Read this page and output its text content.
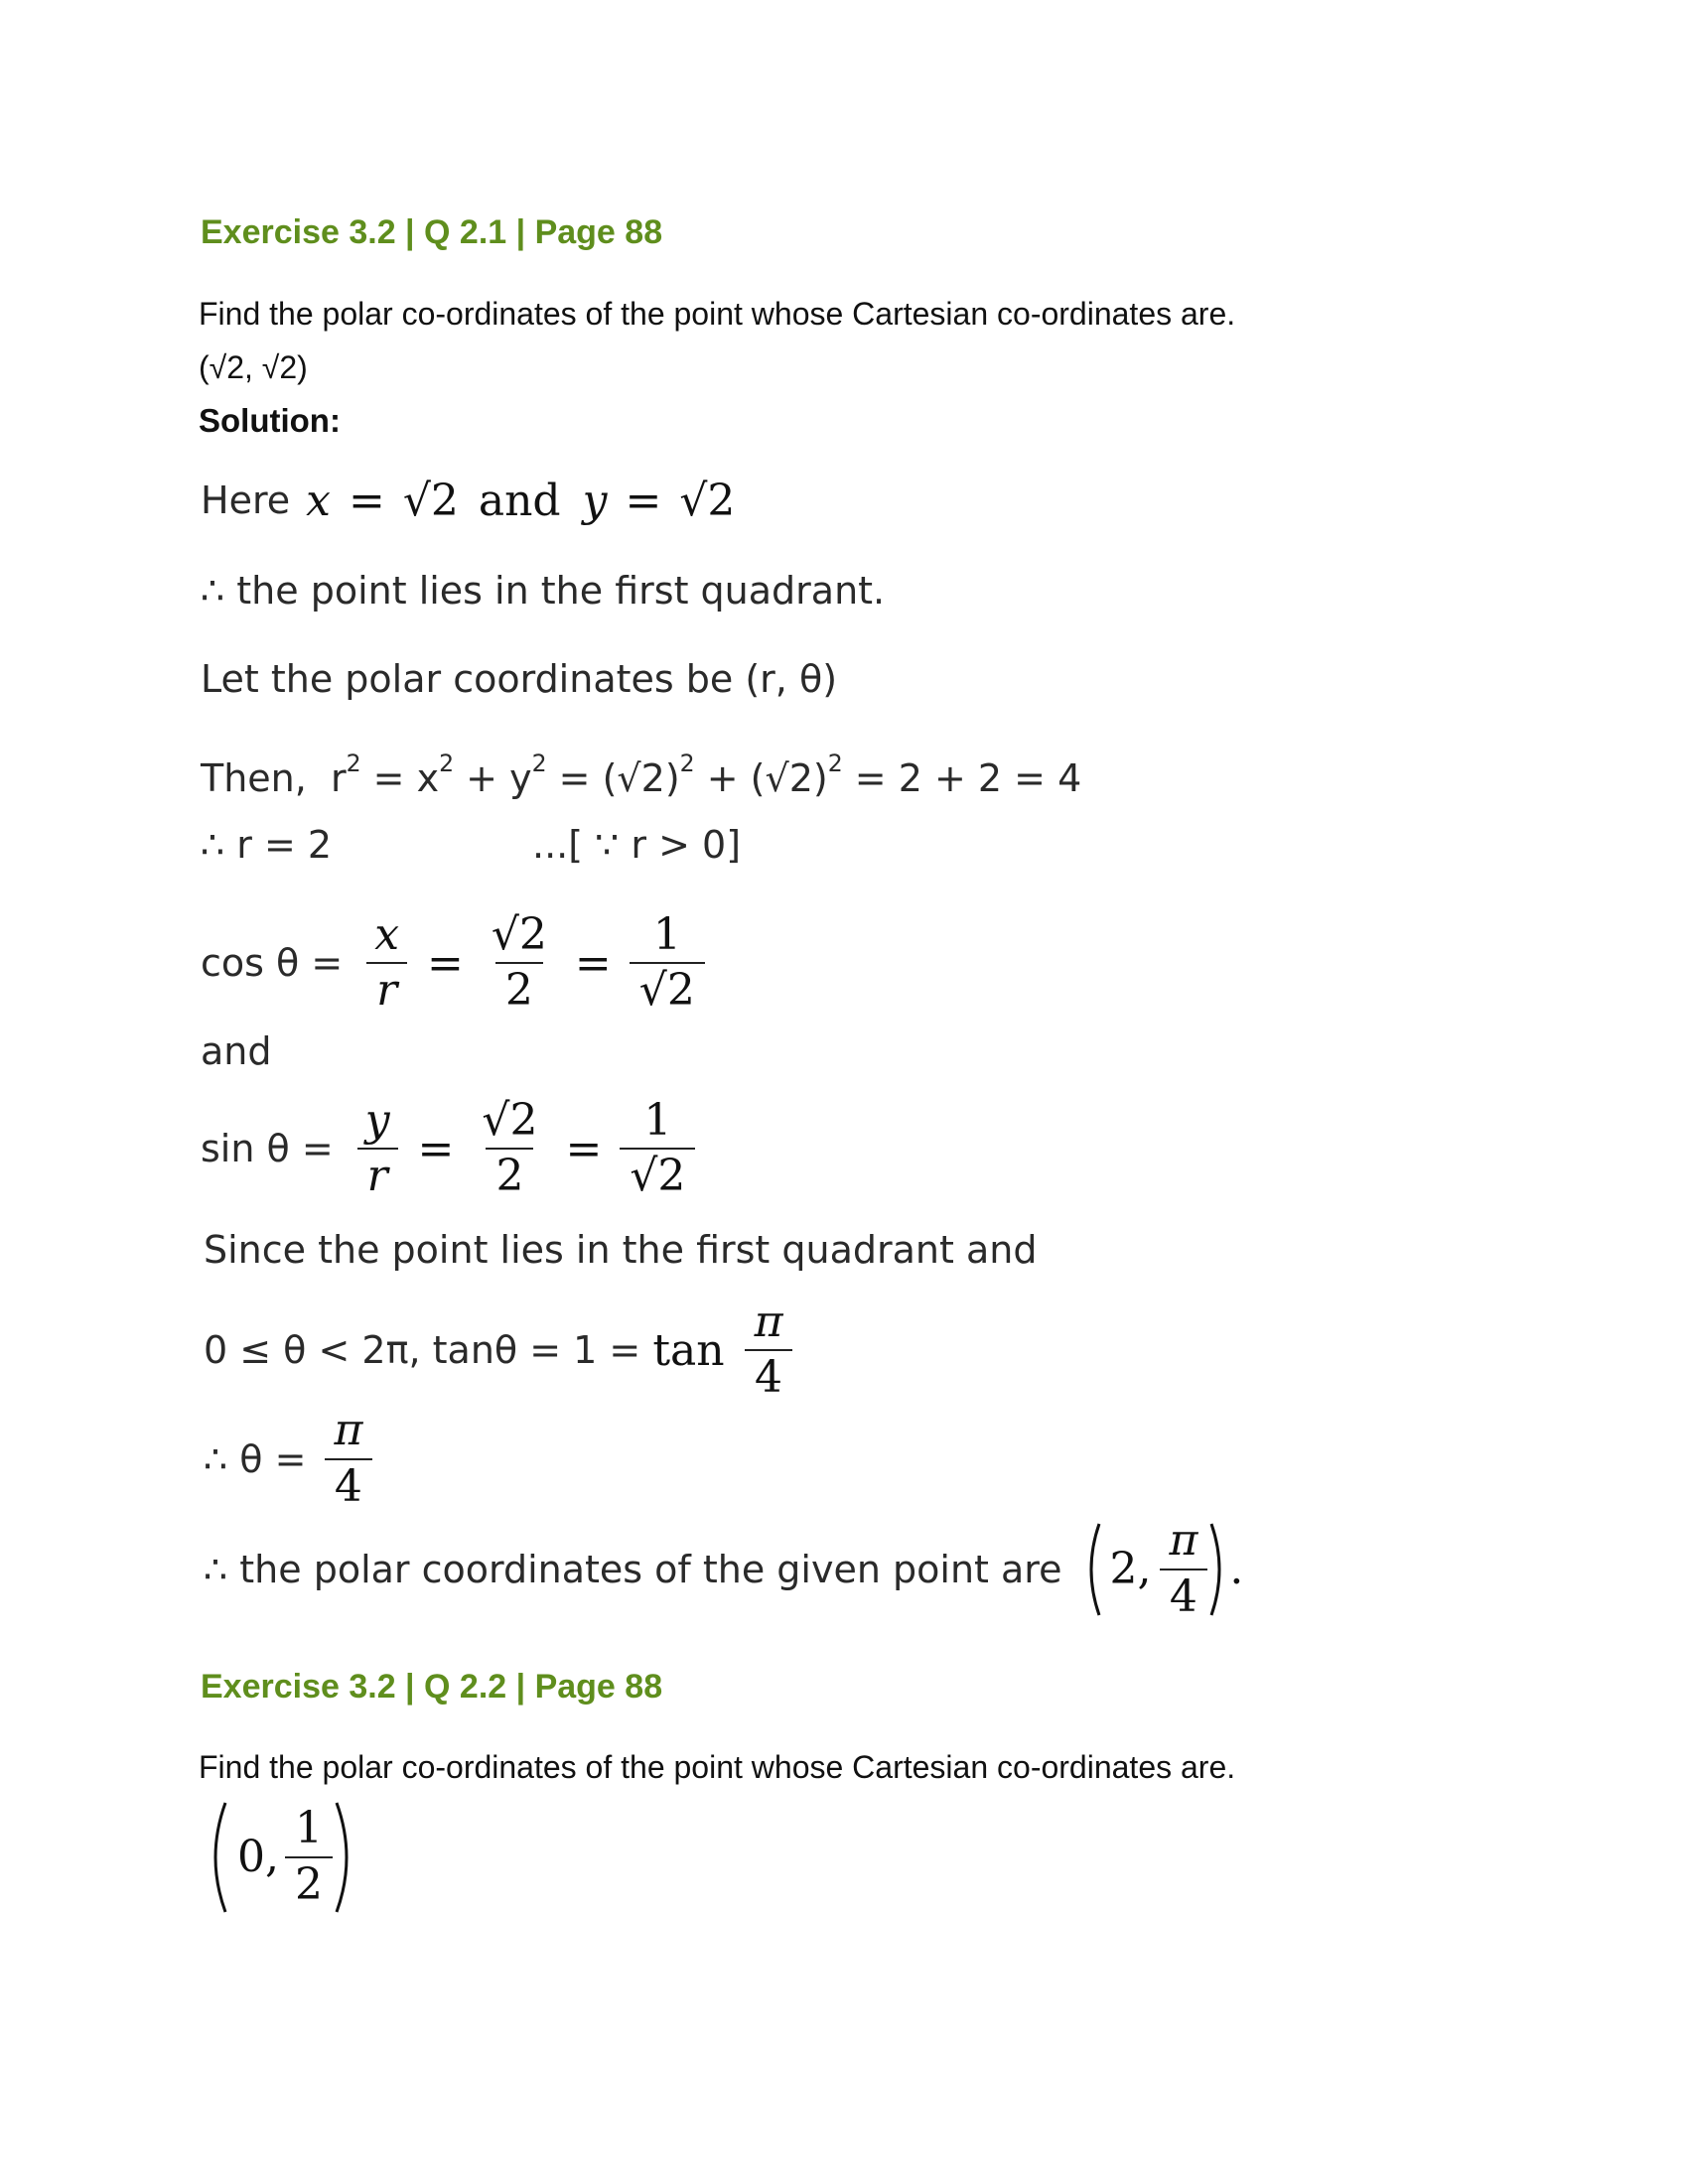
Exercise 3.2 | Q 2.1 | Page 88
Find the polar co-ordinates of the point whose Cartesian co-ordinates are.
(√2, √2)
Solution:
Here x = √2 and y = √2
∴ the point lies in the first quadrant.
Let the polar coordinates be (r, θ)
Then, $r^2 = x^2 + y^2 = (√2)^2 + (√2)^2 = 2 + 2 = 4$
∴ r = 2	...[ ∵ r > 0]
$\cos \theta = \frac{x}{r} = \frac{√2}{2} = \frac{1}{√2}$
and
$\sin \theta = \frac{y}{r} = \frac{√2}{2} = \frac{1}{√2}$
Since the point lies in the first quadrant and
0 ≤ θ < 2π, $\tan\theta = 1 = \tan \frac{\pi}{4}$
∴ $\theta = \frac{\pi}{4}$
∴ the polar coordinates of the given point are 2, $\frac{\pi}{4}$ .
Exercise 3.2 | Q 2.2 | Page 88
Find the polar co-ordinates of the point whose Cartesian co-ordinates are.
0, $\frac{1}{2}$
